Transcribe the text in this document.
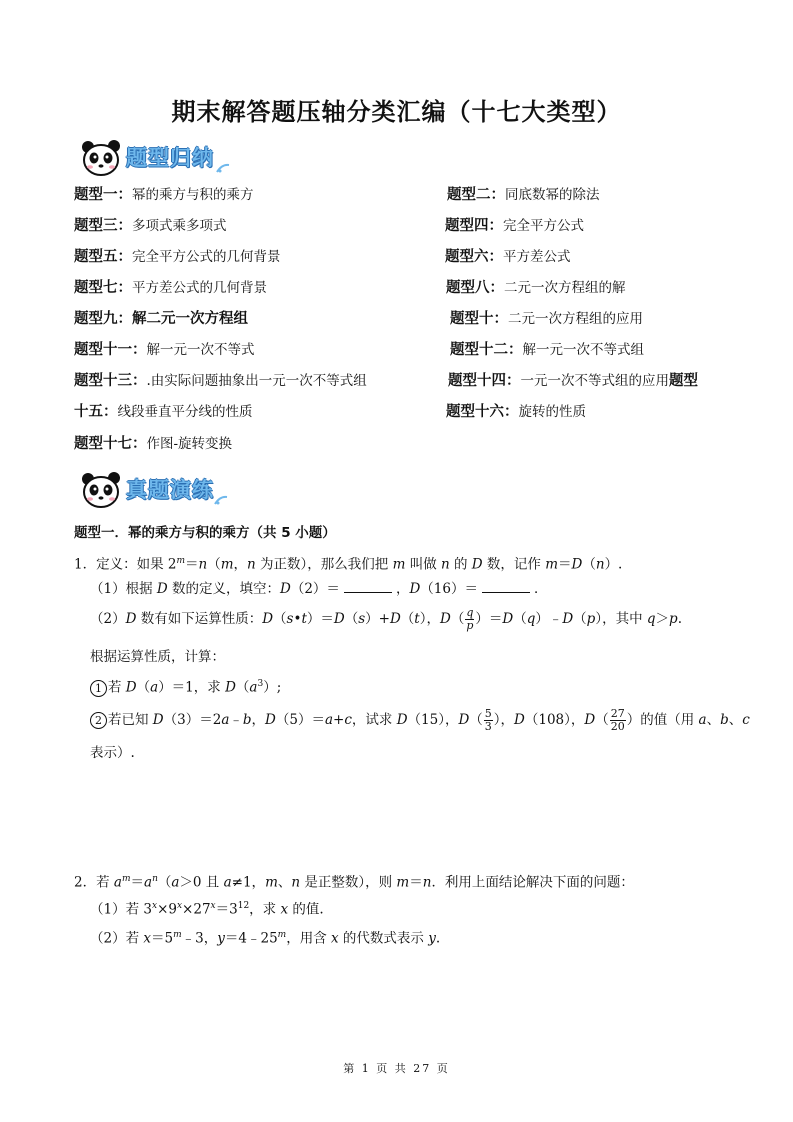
期末解答题压轴分类汇编（十七大类型）
题型归纳
题型一：幂的乘方与积的乘方	题型二：同底数幂的除法
题型三：多项式乘多项式	题型四：完全平方公式
题型五：完全平方公式的几何背景	题型六：平方差公式
题型七：平方差公式的几何背景	题型八：二元一次方程组的解
题型九：解二元一次方程组	题型十：二元一次方程组的应用
题型十一：解一元一次不等式	题型十二：解一元一次不等式组
题型十三：.由实际问题抽象出一元一次不等式组	题型十四：一元一次不等式组的应用题型
十五：线段垂直平分线的性质	题型十六：旋转的性质
题型十七：作图-旋转变换
真题演练
题型一．幂的乘方与积的乘方（共 5 小题）
1．定义：如果 $2^m=n(m$，n 为正数），那么我们把 m 叫做 n 的 D 数，记作 m＝D（n）.
（1）根据 D 数的定义，填空：D（2）＝	，D（16）＝	．
（2）D 数有如下运算性质：D（s•t）＝D（s）+D（t），$D( \frac{q}{p}$ ）＝D（q）﹣D（p），其中 q＞p.
根据运算性质，计算：
1 若 D（a）＝1，求 $D(a^3)$;
2 若已知 D（3）＝2a﹣b，D（5）＝a+c，试求 D（15），$D( \frac{5}{3}$ ），D（108），$D( \frac{27}{20}$ ）的值（用 a、b、c
表示）.
2．若 $a^m=a^n(a>0$ 且 a≠1，m、n 是正整数），则 m＝n．利用上面结论解决下面的问题：
（1）若 $3^x\times 9^x\times 27^x=3^{12}$，求 x 的值.
（2）若 $x=5^m﹣3$，$y=4﹣25^m$，用含 x 的代数式表示 y.
第 1 页 共 27 页
